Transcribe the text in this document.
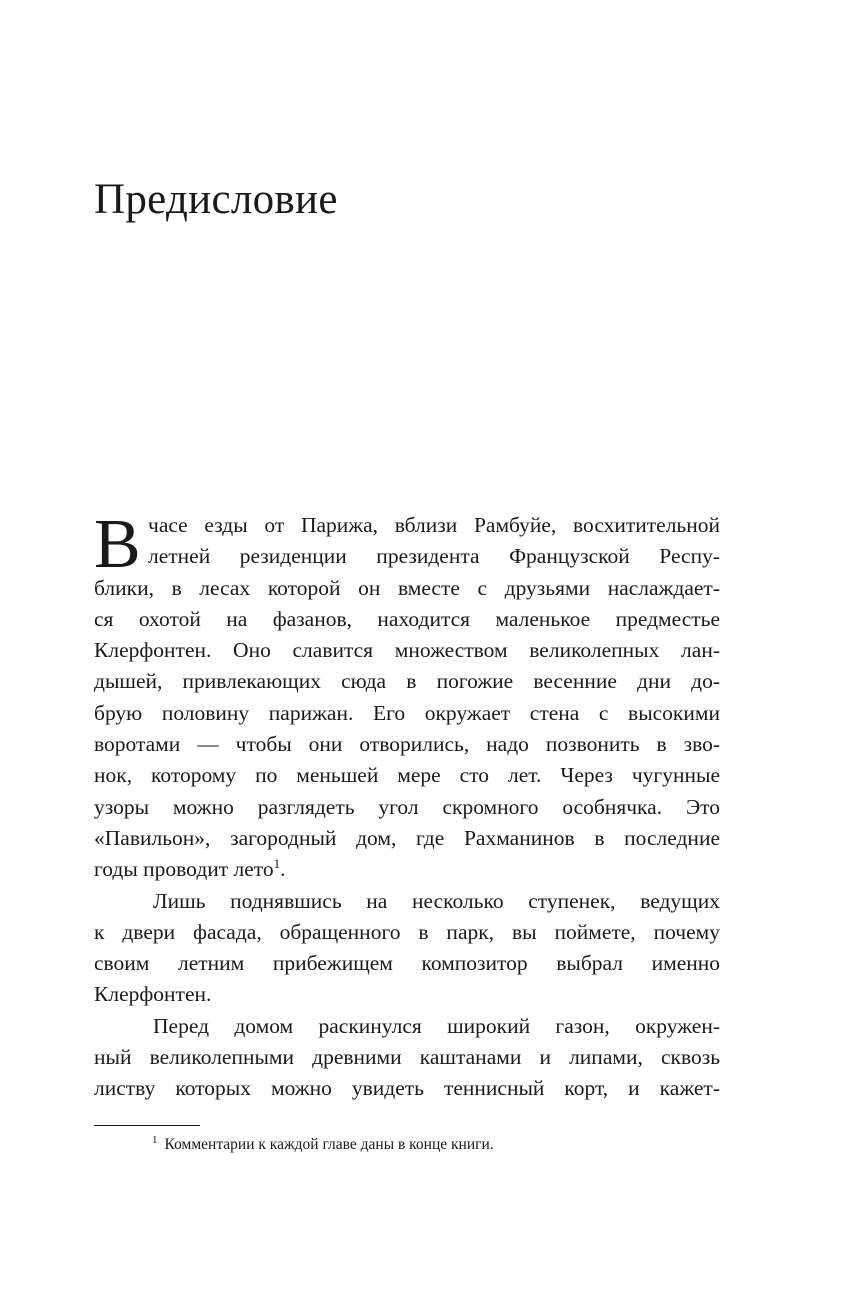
Предисловие
В часе езды от Парижа, вблизи Рамбуйе, восхитительной
летней резиденции президента Французской Респу-
блики, в лесах которой он вместе с друзьями наслаждает-
ся охотой на фазанов, находится маленькое предместье
Клерфонтен. Оно славится множеством великолепных лан-
дышей, привлекающих сюда в погожие весенние дни до-
брую половину парижан. Его окружает стена с высокими
воротами — чтобы они отворились, надо позвонить в зво-
нок, которому по меньшей мере сто лет. Через чугунные
узоры можно разглядеть угол скромного особнячка. Это
«Павильон», загородный дом, где Рахманинов в последние
годы проводит лето$^1$.
Лишь поднявшись на несколько ступенек, ведущих
к двери фасада, обращенного в парк, вы поймете, почему
своим летним прибежищем композитор выбрал именно
Клерфонтен.
Перед домом раскинулся широкий газон, окружен-
ный великолепными древними каштанами и липами, сквозь
листву которых можно увидеть теннисный корт, и кажет-
$^1$ Комментарии к каждой главе даны в конце книги.
